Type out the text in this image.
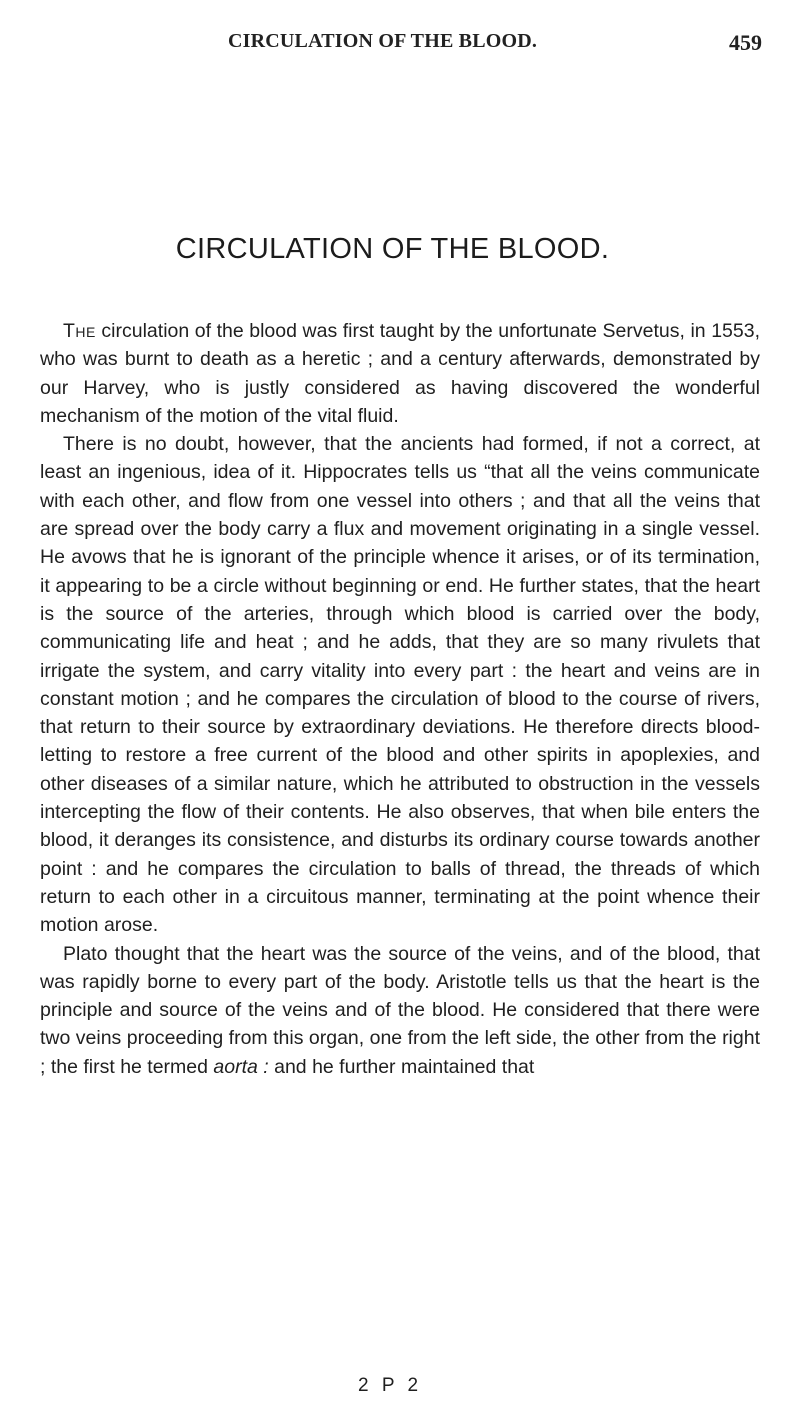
CIRCULATION OF THE BLOOD.	459
CIRCULATION OF THE BLOOD.

The circulation of the blood was first taught by the unfortunate Servetus, in 1553, who was burnt to death as a heretic ; and a century afterwards, demonstrated by our Harvey, who is justly considered as having discovered the wonderful mechanism of the motion of the vital fluid.

There is no doubt, however, that the ancients had formed, if not a correct, at least an ingenious, idea of it. Hippocrates tells us “that all the veins communicate with each other, and flow from one vessel into others ; and that all the veins that are spread over the body carry a flux and movement originating in a single vessel. He avows that he is ignorant of the principle whence it arises, or of its termination, it appearing to be a circle without beginning or end. He further states, that the heart is the source of the arteries, through which blood is carried over the body, communicating life and heat ; and he adds, that they are so many rivulets that irrigate the system, and carry vitality into every part : the heart and veins are in constant motion ; and he compares the circulation of blood to the course of rivers, that return to their source by extraordinary deviations. He therefore directs blood-letting to restore a free current of the blood and other spirits in apoplexies, and other diseases of a similar nature, which he attributed to obstruction in the vessels intercepting the flow of their contents. He also observes, that when bile enters the blood, it deranges its consistence, and disturbs its ordinary course towards another point : and he compares the circulation to balls of thread, the threads of which return to each other in a circuitous manner, terminating at the point whence their motion arose.

Plato thought that the heart was the source of the veins, and of the blood, that was rapidly borne to every part of the body. Aristotle tells us that the heart is the principle and source of the veins and of the blood. He considered that there were two veins proceeding from this organ, one from the left side, the other from the right ; the first he termed aorta : and he further maintained that

2 P 2
